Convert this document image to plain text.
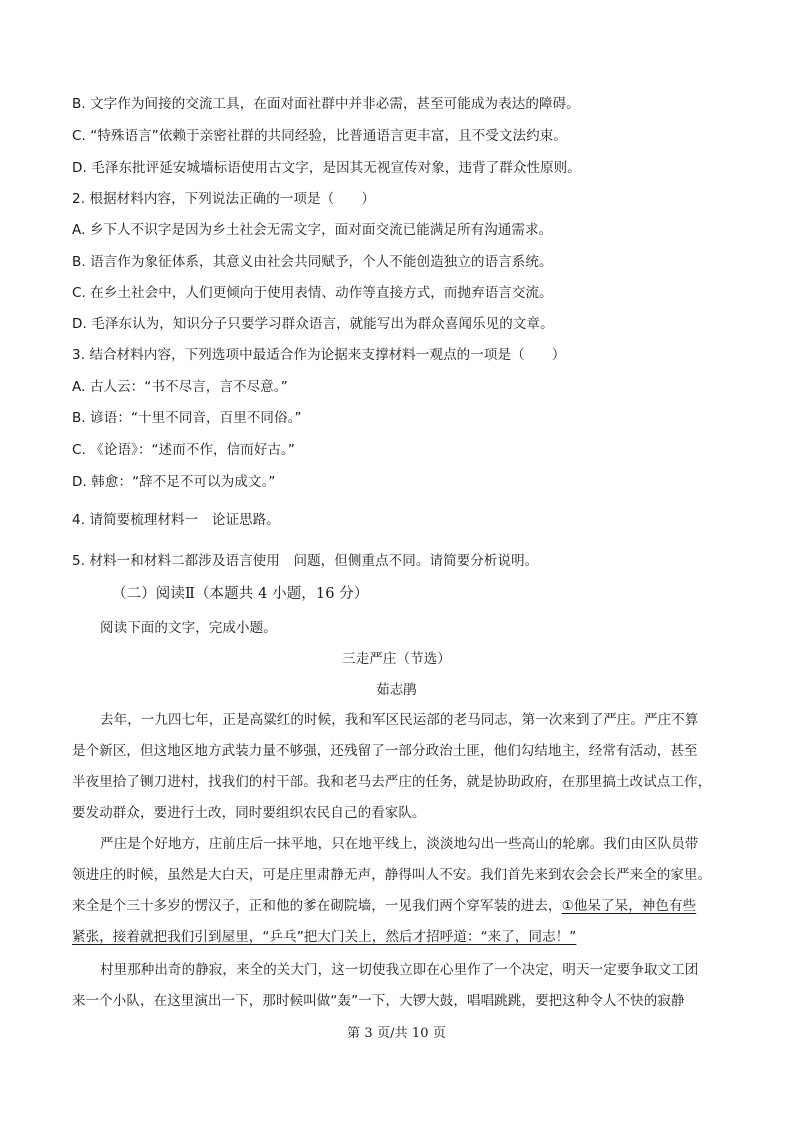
B. 文字作为间接的交流工具，在面对面社群中并非必需，甚至可能成为表达的障碍。
C. “特殊语言”依赖于亲密社群的共同经验，比普通语言更丰富，且不受文法约束。
D. 毛泽东批评延安城墙标语使用古文字，是因其无视宣传对象，违背了群众性原则。
2. 根据材料内容，下列说法正确的一项是（　　）
A. 乡下人不识字是因为乡土社会无需文字，面对面交流已能满足所有沟通需求。
B. 语言作为象征体系，其意义由社会共同赋予，个人不能创造独立的语言系统。
C. 在乡土社会中，人们更倾向于使用表情、动作等直接方式，而抛弃语言交流。
D. 毛泽东认为，知识分子只要学习群众语言，就能写出为群众喜闻乐见的文章。
3. 结合材料内容，下列选项中最适合作为论据来支撑材料一观点的一项是（　　）
A. 古人云：“书不尽言，言不尽意。”
B. 谚语：“十里不同音，百里不同俗。”
C. 《论语》：“述而不作，信而好古。”
D. 韩愈：“辞不足不可以为成文。”
4. 请简要梳理材料一　论证思路。
5. 材料一和材料二都涉及语言使用　问题，但侧重点不同。请简要分析说明。
（二）阅读Ⅱ（本题共 4 小题，16 分）
阅读下面的文字，完成小题。
三走严庄（节选）
茹志鹃
去年，一九四七年，正是高粱红的时候，我和军区民运部的老马同志，第一次来到了严庄。严庄不算
是个新区，但这地区地方武装力量不够强，还残留了一部分政治土匪，他们勾结地主，经常有活动，甚至
半夜里拾了铡刀进村，找我们的村干部。我和老马去严庄的任务，就是协助政府，在那里搞土改试点工作，
要发动群众，要进行土改，同时要组织农民自己的看家队。
严庄是个好地方，庄前庄后一抹平地，只在地平线上，淡淡地勾出一些高山的轮廓。我们由区队员带
领进庄的时候，虽然是大白天，可是庄里肃静无声，静得叫人不安。我们首先来到农会会长严来全的家里。
来全是个三十多岁的愣汉子，正和他的爹在砌院墙，一见我们两个穿军装的进去，①他呆了呆，神色有些
紧张，接着就把我们引到屋里，“乒乓”把大门关上，然后才招呼道：“来了，同志！”
村里那种出奇的静寂，来全的关大门，这一切使我立即在心里作了一个决定，明天一定要争取文工团
来一个小队，在这里演出一下，那时候叫做“轰”一下，大锣大鼓，唱唱跳跳，要把这种令人不快的寂静
第 3 页/共 10 页
